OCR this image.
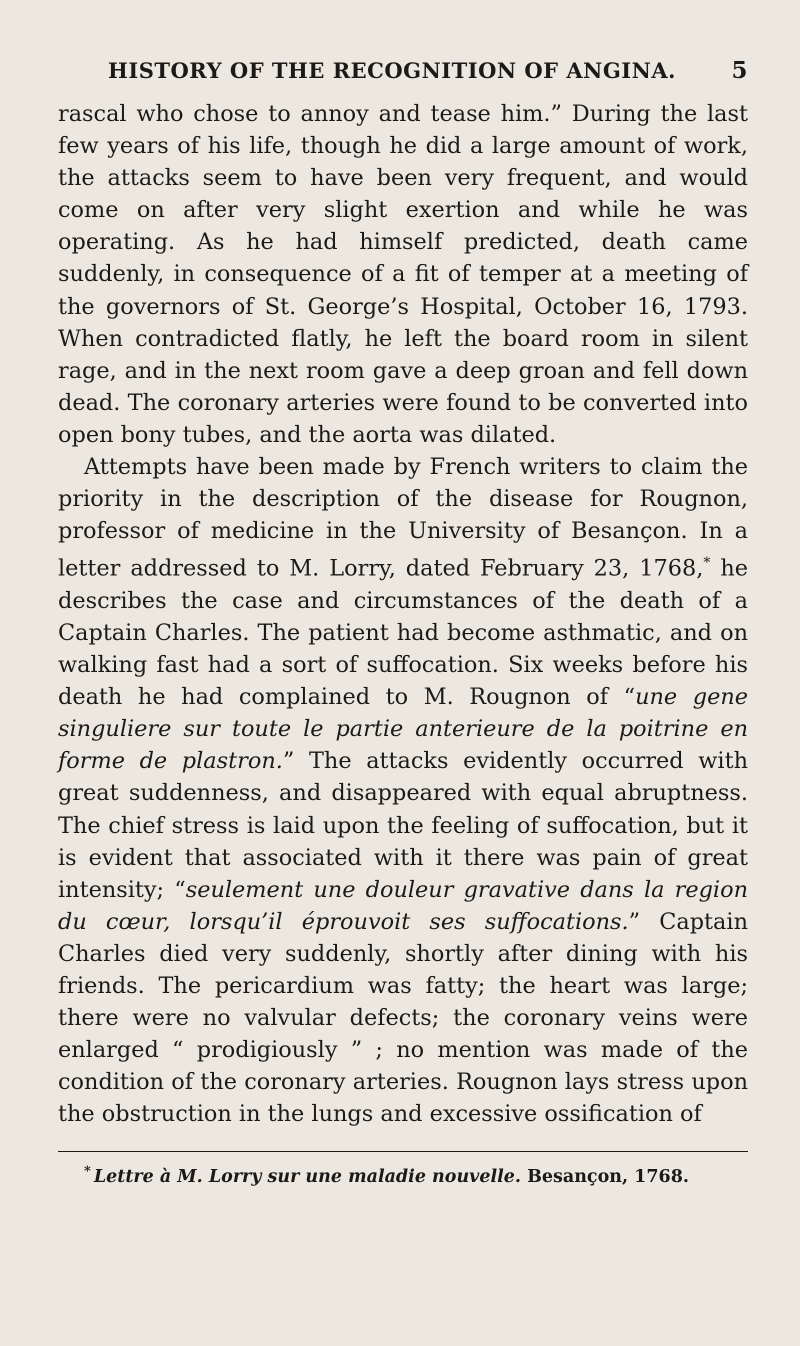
HISTORY OF THE RECOGNITION OF ANGINA.	5

rascal who chose to annoy and tease him.” During the last few years of his life, though he did a large amount of work, the attacks seem to have been very frequent, and would come on after very slight exertion and while he was operating. As he had himself predicted, death came suddenly, in consequence of a fit of temper at a meeting of the governors of St. George’s Hospital, October 16, 1793. When contradicted flatly, he left the board room in silent rage, and in the next room gave a deep groan and fell down dead. The coronary arteries were found to be converted into open bony tubes, and the aorta was dilated.

Attempts have been made by French writers to claim the priority in the description of the disease for Rougnon, professor of medicine in the University of Besançon. In a letter addressed to M. Lorry, dated February 23, 1768,* he describes the case and circumstances of the death of a Captain Charles. The patient had become asthmatic, and on walking fast had a sort of suffocation. Six weeks before his death he had complained to M. Rougnon of “une gene singuliere sur toute le partie anterieure de la poitrine en forme de plastron.” The attacks evidently occurred with great suddenness, and disappeared with equal abruptness. The chief stress is laid upon the feeling of suffocation, but it is evident that associated with it there was pain of great intensity; “seulement une douleur gravative dans la region du cœur, lorsqu’il éprouvoit ses suffocations.” Captain Charles died very suddenly, shortly after dining with his friends. The pericardium was fatty; the heart was large; there were no valvular defects; the coronary veins were enlarged “ prodigiously ” ; no mention was made of the condition of the coronary arteries. Rougnon lays stress upon the obstruction in the lungs and excessive ossification of

* Lettre à M. Lorry sur une maladie nouvelle. Besançon, 1768.
